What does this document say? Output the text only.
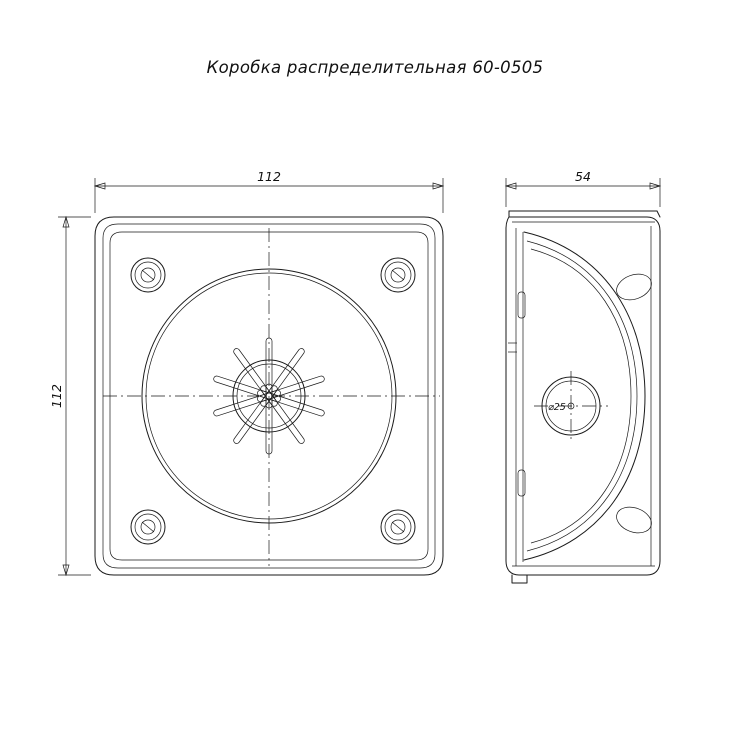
Коробка распределительная 60-0505
112
112	⌀25
54
